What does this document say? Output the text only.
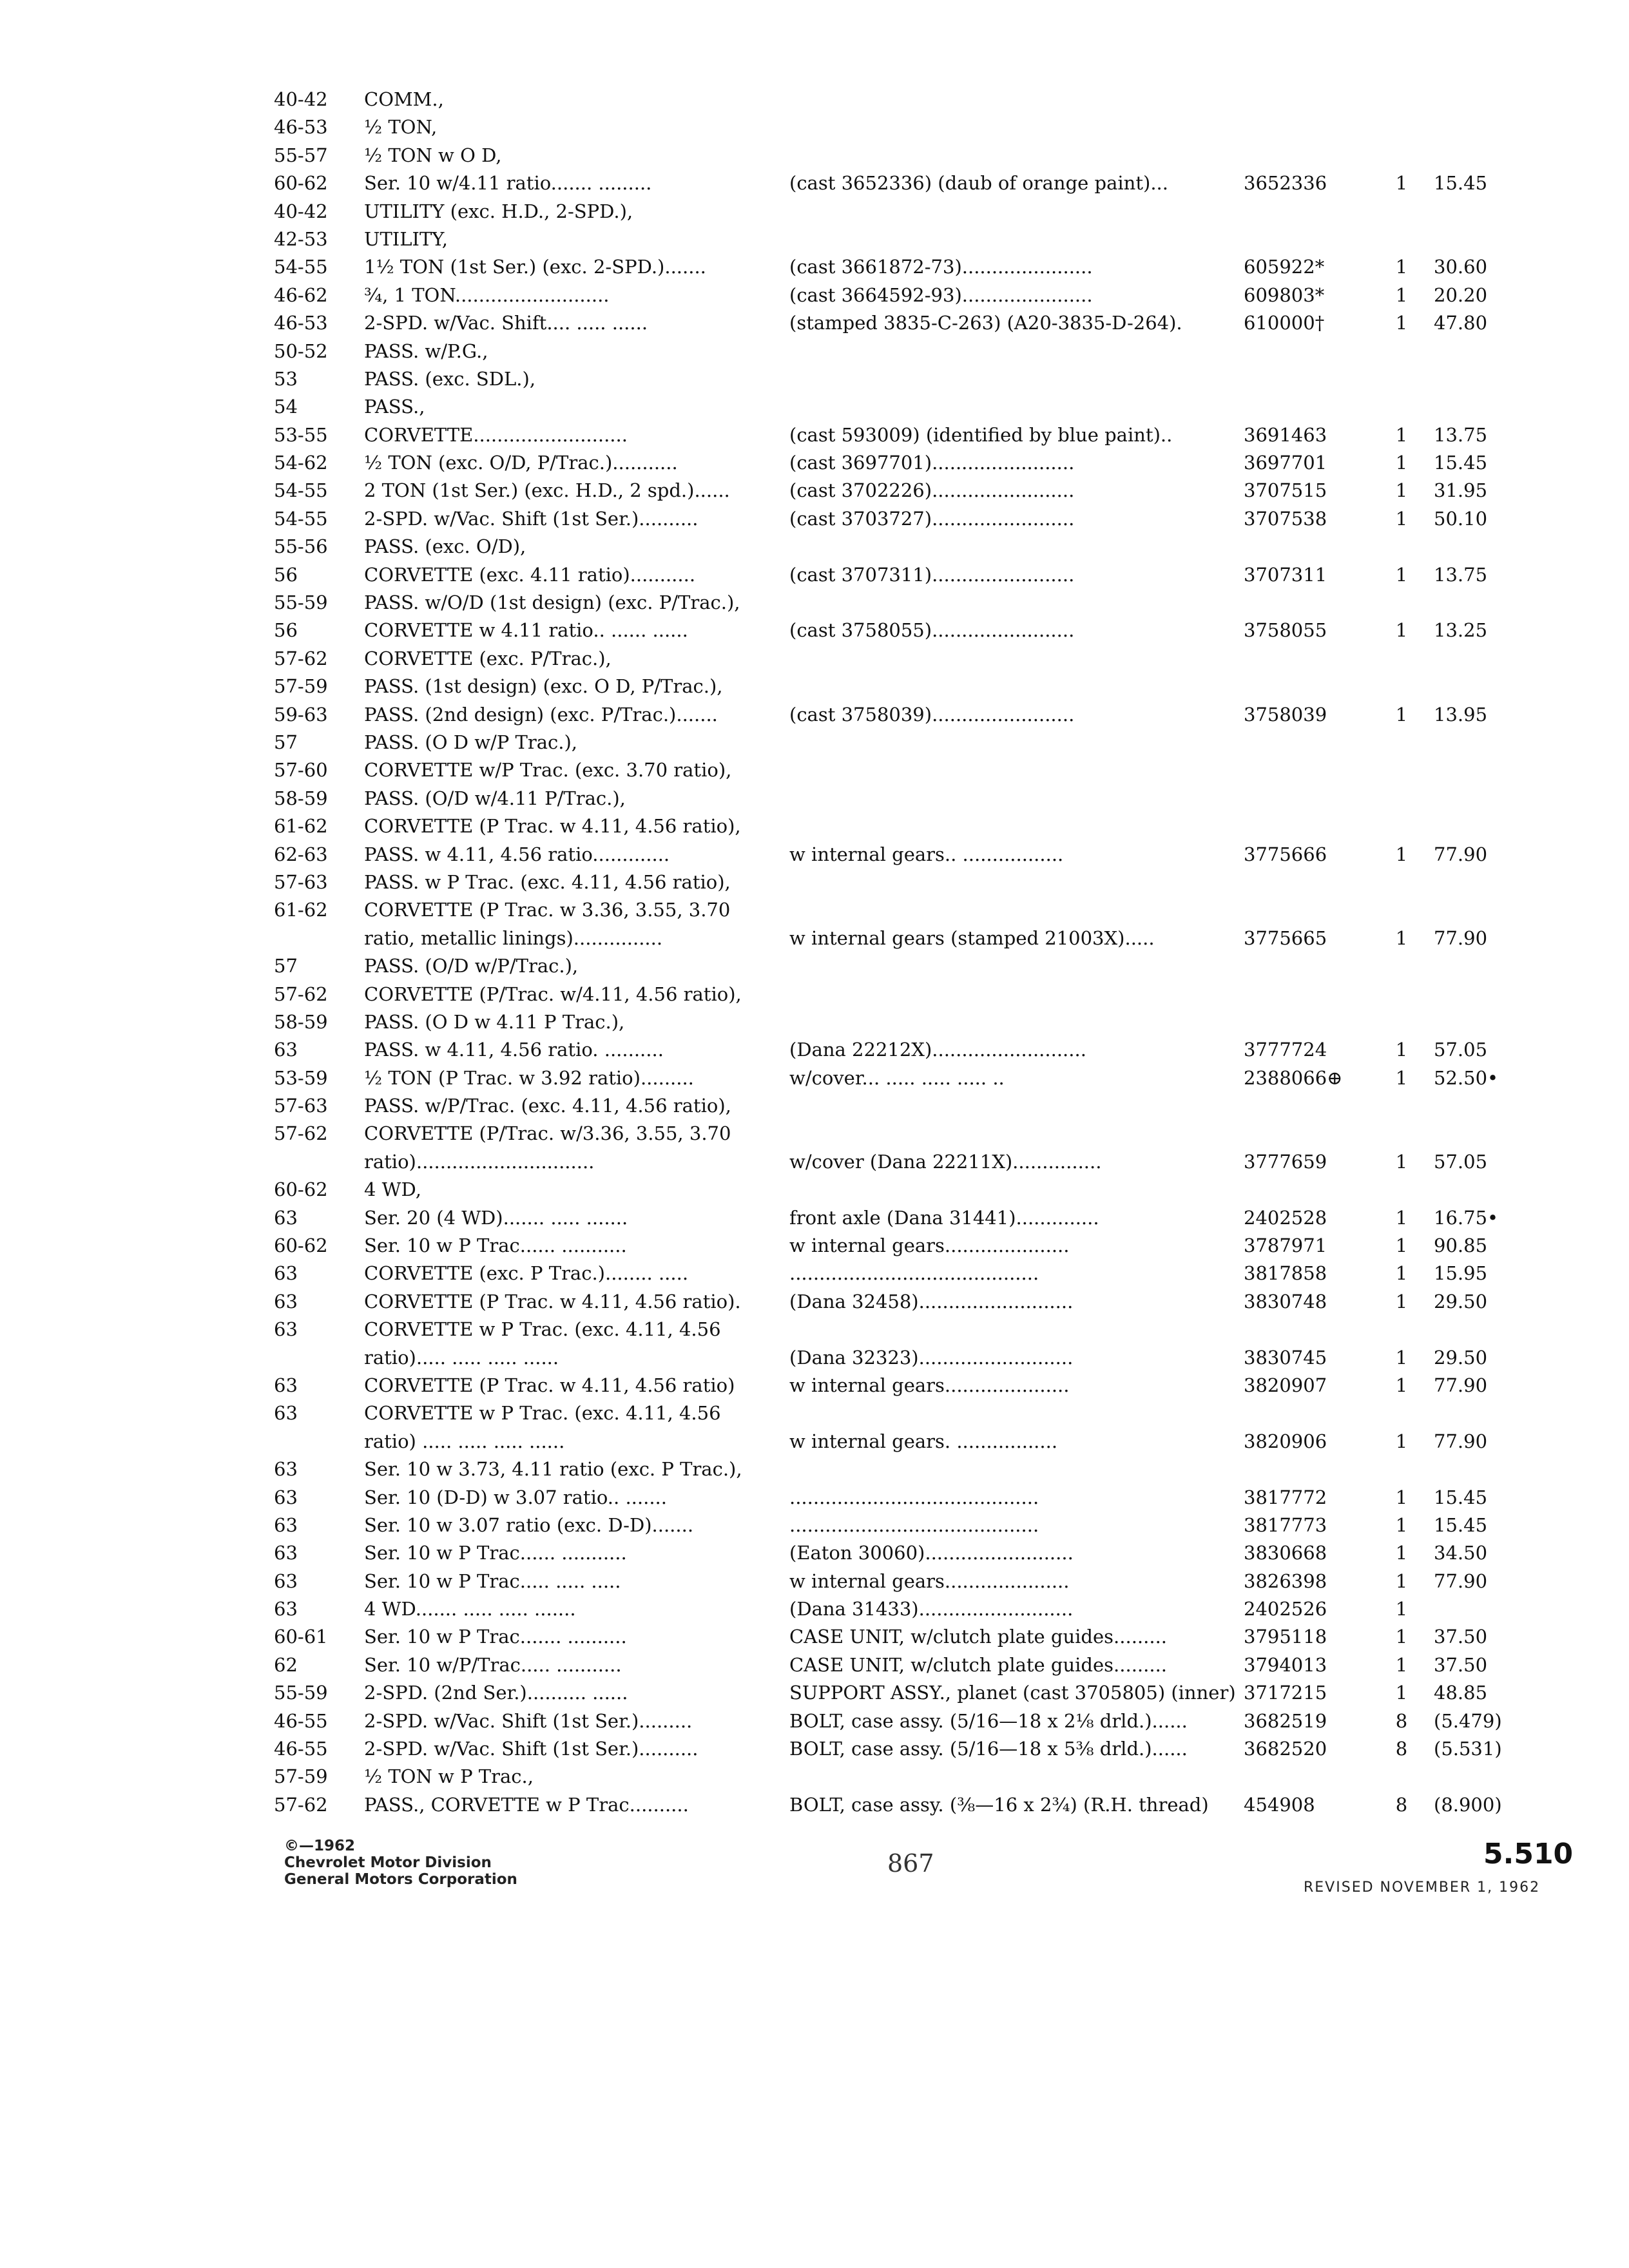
40-42	COMM.,
46-53	½ TON,
55-57	½ TON w O D,
60-62	Ser. 10 w/4.11 ratio....... .........	(cast 3652336) (daub of orange paint)...	3652336	1	15.45
40-42	UTILITY (exc. H.D., 2-SPD.),
42-53	UTILITY,
54-55	1½ TON (1st Ser.) (exc. 2-SPD.).......	(cast 3661872-73)......................	605922*	1	30.60
46-62	¾, 1 TON..........................	(cast 3664592-93)......................	609803*	1	20.20
46-53	2-SPD. w/Vac. Shift.... ..... ......	(stamped 3835-C-263) (A20-3835-D-264).	610000†	1	47.80
50-52	PASS. w/P.G.,
53	PASS. (exc. SDL.),
54	PASS.,
53-55	CORVETTE..........................	(cast 593009) (identified by blue paint)..	3691463	1	13.75
54-62	½ TON (exc. O/D, P/Trac.)...........	(cast 3697701)........................	3697701	1	15.45
54-55	2 TON (1st Ser.) (exc. H.D., 2 spd.)......	(cast 3702226)........................	3707515	1	31.95
54-55	2-SPD. w/Vac. Shift (1st Ser.)..........	(cast 3703727)........................	3707538	1	50.10
55-56	PASS. (exc. O/D),
56	CORVETTE (exc. 4.11 ratio)...........	(cast 3707311)........................	3707311	1	13.75
55-59	PASS. w/O/D (1st design) (exc. P/Trac.),
56	CORVETTE w 4.11 ratio.. ...... ......	(cast 3758055)........................	3758055	1	13.25
57-62	CORVETTE (exc. P/Trac.),
57-59	PASS. (1st design) (exc. O D, P/Trac.),
59-63	PASS. (2nd design) (exc. P/Trac.).......	(cast 3758039)........................	3758039	1	13.95
57	PASS. (O D w/P Trac.),
57-60	CORVETTE w/P Trac. (exc. 3.70 ratio),
58-59	PASS. (O/D w/4.11 P/Trac.),
61-62	CORVETTE (P Trac. w 4.11, 4.56 ratio),
62-63	PASS. w 4.11, 4.56 ratio.............	w internal gears.. .................	3775666	1	77.90
57-63	PASS. w P Trac. (exc. 4.11, 4.56 ratio),
61-62	CORVETTE (P Trac. w 3.36, 3.55, 3.70
ratio, metallic linings)...............	w internal gears (stamped 21003X).....	3775665	1	77.90
57	PASS. (O/D w/P/Trac.),
57-62	CORVETTE (P/Trac. w/4.11, 4.56 ratio),
58-59	PASS. (O D w 4.11 P Trac.),
63	PASS. w 4.11, 4.56 ratio. ..........	(Dana 22212X)..........................	3777724	1	57.05
53-59	½ TON (P Trac. w 3.92 ratio).........	w/cover... ..... ..... ..... ..	2388066⊕	1	52.50•
57-63	PASS. w/P/Trac. (exc. 4.11, 4.56 ratio),
57-62	CORVETTE (P/Trac. w/3.36, 3.55, 3.70
ratio)..............................	w/cover (Dana 22211X)...............	3777659	1	57.05
60-62	4 WD,
63	Ser. 20 (4 WD)....... ..... .......	front axle (Dana 31441)..............	2402528	1	16.75•
60-62	Ser. 10 w P Trac...... ...........	w internal gears.....................	3787971	1	90.85
63	CORVETTE (exc. P Trac.)........ .....	..........................................	3817858	1	15.95
63	CORVETTE (P Trac. w 4.11, 4.56 ratio).	(Dana 32458)..........................	3830748	1	29.50
63	CORVETTE w P Trac. (exc. 4.11, 4.56
ratio)..... ..... ..... ......	(Dana 32323)..........................	3830745	1	29.50
63	CORVETTE (P Trac. w 4.11, 4.56 ratio)	w internal gears.....................	3820907	1	77.90
63	CORVETTE w P Trac. (exc. 4.11, 4.56
ratio) ..... ..... ..... ......	w internal gears. .................	3820906	1	77.90
63	Ser. 10 w 3.73, 4.11 ratio (exc. P Trac.),
63	Ser. 10 (D-D) w 3.07 ratio.. .......	..........................................	3817772	1	15.45
63	Ser. 10 w 3.07 ratio (exc. D-D).......	..........................................	3817773	1	15.45
63	Ser. 10 w P Trac...... ...........	(Eaton 30060).........................	3830668	1	34.50
63	Ser. 10 w P Trac..... ..... .....	w internal gears.....................	3826398	1	77.90
63	4 WD....... ..... ..... .......	(Dana 31433)..........................	2402526	1
60-61	Ser. 10 w P Trac....... ..........	CASE UNIT, w/clutch plate guides.........	3795118	1	37.50
62	Ser. 10 w/P/Trac..... ...........	CASE UNIT, w/clutch plate guides.........	3794013	1	37.50
55-59	2-SPD. (2nd Ser.).......... ......	SUPPORT ASSY., planet (cast 3705805) (inner) 3717215	1	48.85
46-55	2-SPD. w/Vac. Shift (1st Ser.).........	BOLT, case assy. (5/16—18 x 2⅛ drld.)......	3682519	8	(5.479)
46-55	2-SPD. w/Vac. Shift (1st Ser.)..........	BOLT, case assy. (5/16—18 x 5⅜ drld.)......	3682520	8	(5.531)
57-59	½ TON w P Trac.,
57-62	PASS., CORVETTE w P Trac..........	BOLT, case assy. (⅜—16 x 2¾) (R.H. thread) 454908	8	(8.900)
©—1962
Chevrolet Motor Division
General Motors Corporation
867	5.510
REVISED NOVEMBER 1, 1962
